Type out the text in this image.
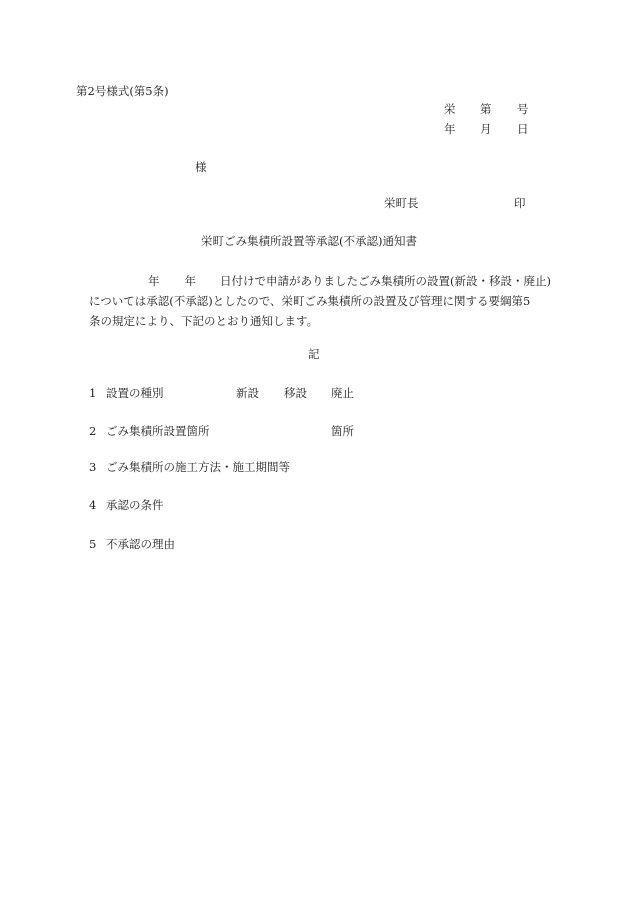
第2号様式(第5条)
栄 第 号
年 月 日
様
栄町長	印
栄町ごみ集積所設置等承認(不承認)通知書
年 年 日付けで申請がありましたごみ集積所の設置(新設・移設・廃止)
については承認(不承認)としたので、栄町ごみ集積所の設置及び管理に関する要綱第5
条の規定により、下記のとおり通知します。
記
1 設置の種別	新設 移設 廃止
2 ごみ集積所設置箇所	箇所
3 ごみ集積所の施工方法・施工期間等
4 承認の条件
5 不承認の理由
